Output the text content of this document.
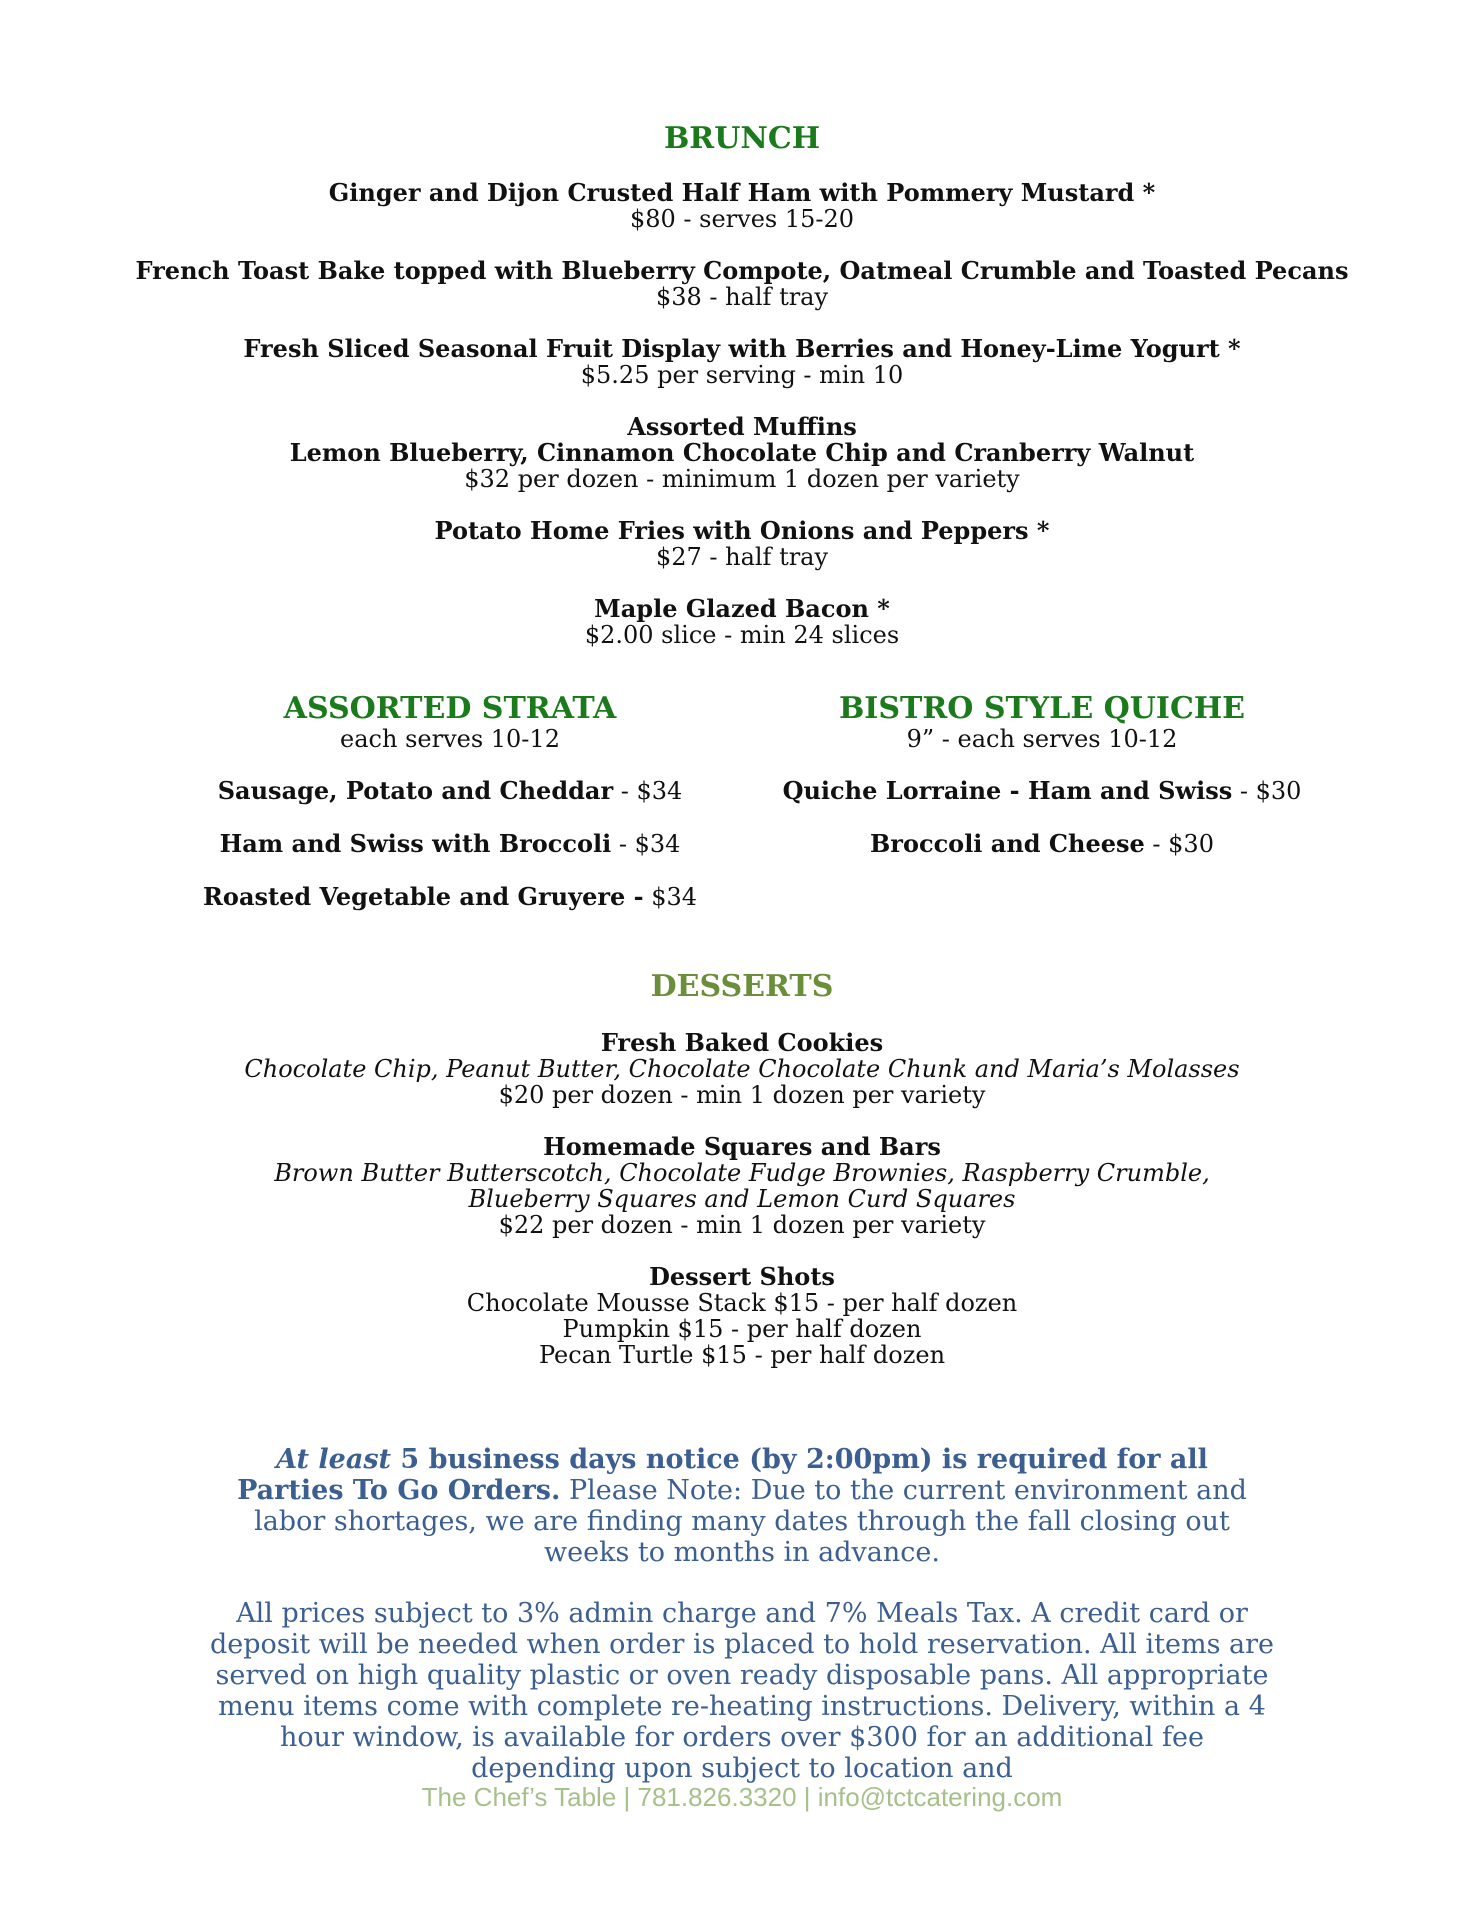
BRUNCH
Ginger and Dijon Crusted Half Ham with Pommery Mustard *
$80 - serves 15-20
French Toast Bake topped with Blueberry Compote, Oatmeal Crumble and Toasted Pecans
$38 - half tray
Fresh Sliced Seasonal Fruit Display with Berries and Honey-Lime Yogurt *
$5.25 per serving - min 10
Assorted Muffins
Lemon Blueberry, Cinnamon Chocolate Chip and Cranberry Walnut
$32 per dozen - minimum 1 dozen per variety
Potato Home Fries with Onions and Peppers *
$27 - half tray
Maple Glazed Bacon *
$2.00 slice - min 24 slices
ASSORTED STRATA
each serves 10-12
Sausage, Potato and Cheddar - $34
Ham and Swiss with Broccoli - $34
Roasted Vegetable and Gruyere - $34
BISTRO STYLE QUICHE
9” - each serves 10-12
Quiche Lorraine - Ham and Swiss - $30
Broccoli and Cheese - $30
DESSERTS
Fresh Baked Cookies
Chocolate Chip, Peanut Butter, Chocolate Chocolate Chunk and Maria’s Molasses
$20 per dozen - min 1 dozen per variety
Homemade Squares and Bars
Brown Butter Butterscotch, Chocolate Fudge Brownies, Raspberry Crumble,
Blueberry Squares and Lemon Curd Squares
$22 per dozen - min 1 dozen per variety
Dessert Shots
Chocolate Mousse Stack $15 - per half dozen
Pumpkin $15 - per half dozen
Pecan Turtle $15 - per half dozen
At least 5 business days notice (by 2:00pm) is required for all Parties To Go Orders. Please Note: Due to the current environment and labor shortages, we are finding many dates through the fall closing out weeks to months in advance.
All prices subject to 3% admin charge and 7% Meals Tax. A credit card or deposit will be needed when order is placed to hold reservation. All items are served on high quality plastic or oven ready disposable pans. All appropriate menu items come with complete re-heating instructions. Delivery, within a 4 hour window, is available for orders over $300 for an additional fee depending upon subject to location and
The Chef’s Table | 781.826.3320 | info@tctcatering.com
